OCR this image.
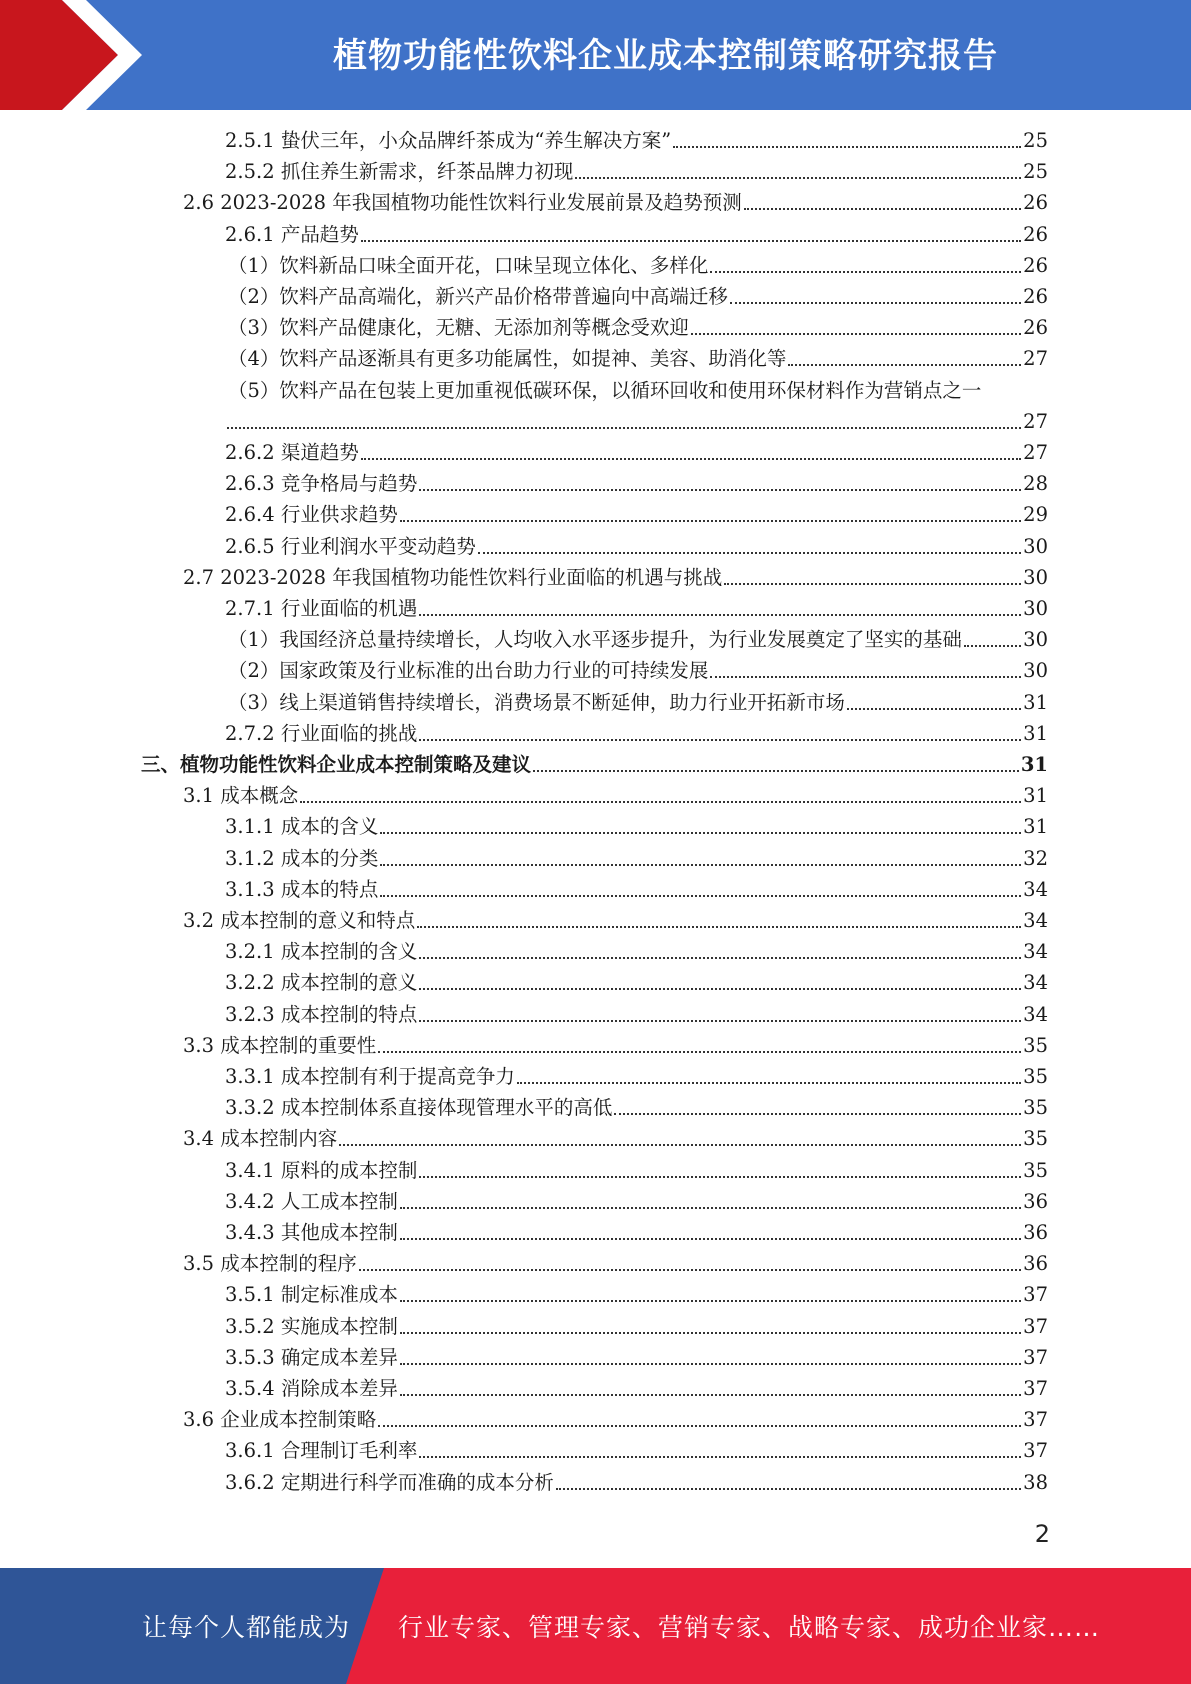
植物功能性饮料企业成本控制策略研究报告
2.5.1 蛰伏三年，小众品牌纤茶成为“养生解决方案”	25
2.5.2 抓住养生新需求，纤茶品牌力初现	25
2.6 2023-2028 年我国植物功能性饮料行业发展前景及趋势预测	26
2.6.1 产品趋势	26
（1）饮料新品口味全面开花，口味呈现立体化、多样化	26
（2）饮料产品高端化，新兴产品价格带普遍向中高端迁移	26
（3）饮料产品健康化，无糖、无添加剂等概念受欢迎	26
（4）饮料产品逐渐具有更多功能属性，如提神、美容、助消化等	27
（5）饮料产品在包装上更加重视低碳环保，以循环回收和使用环保材料作为营销点之一
27
2.6.2 渠道趋势	27
2.6.3 竞争格局与趋势	28
2.6.4 行业供求趋势	29
2.6.5 行业利润水平变动趋势	30
2.7 2023-2028 年我国植物功能性饮料行业面临的机遇与挑战	30
2.7.1 行业面临的机遇	30
（1）我国经济总量持续增长，人均收入水平逐步提升，为行业发展奠定了坚实的基础	30
（2）国家政策及行业标准的出台助力行业的可持续发展	30
（3）线上渠道销售持续增长，消费场景不断延伸，助力行业开拓新市场	31
2.7.2 行业面临的挑战	31
三、植物功能性饮料企业成本控制策略及建议	31
3.1 成本概念	31
3.1.1 成本的含义	31
3.1.2 成本的分类	32
3.1.3 成本的特点	34
3.2 成本控制的意义和特点	34
3.2.1 成本控制的含义	34
3.2.2 成本控制的意义	34
3.2.3 成本控制的特点	34
3.3 成本控制的重要性	35
3.3.1 成本控制有利于提高竞争力	35
3.3.2 成本控制体系直接体现管理水平的高低	35
3.4 成本控制内容	35
3.4.1 原料的成本控制	35
3.4.2 人工成本控制	36
3.4.3 其他成本控制	36
3.5 成本控制的程序	36
3.5.1 制定标准成本	37
3.5.2 实施成本控制	37
3.5.3 确定成本差异	37
3.5.4 消除成本差异	37
3.6 企业成本控制策略	37
3.6.1 合理制订毛利率	37
3.6.2 定期进行科学而准确的成本分析	38
2
让每个人都能成为 行业专家、管理专家、营销专家、战略专家、成功企业家……
